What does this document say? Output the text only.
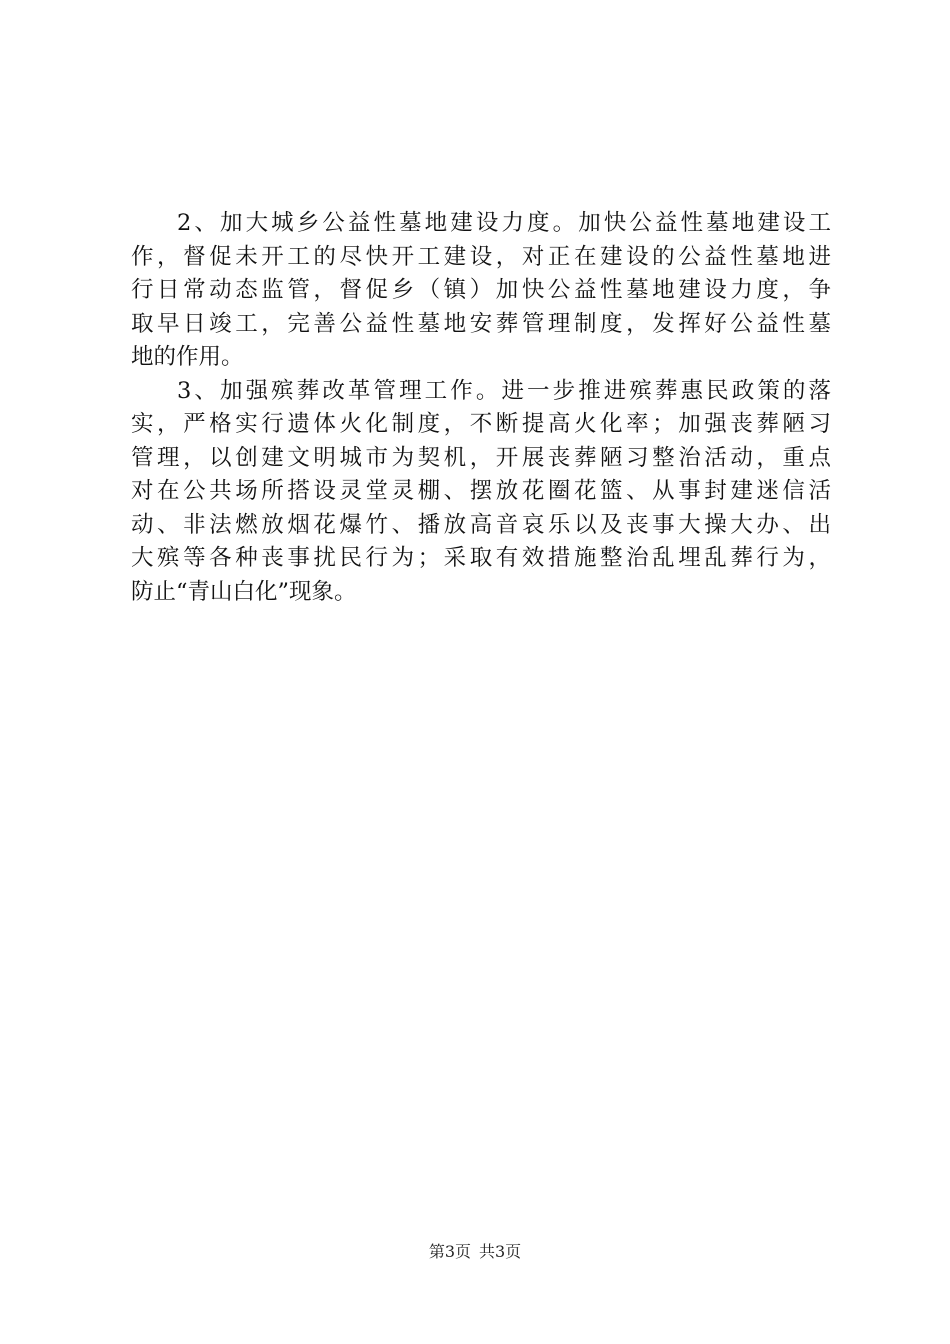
2、加大城乡公益性墓地建设力度。加快公益性墓地建设工
作，督促未开工的尽快开工建设，对正在建设的公益性墓地进
行日常动态监管，督促乡（镇）加快公益性墓地建设力度，争
取早日竣工，完善公益性墓地安葬管理制度，发挥好公益性墓
地的作用。
3、加强殡葬改革管理工作。进一步推进殡葬惠民政策的落
实，严格实行遗体火化制度，不断提高火化率；加强丧葬陋习
管理，以创建文明城市为契机，开展丧葬陋习整治活动，重点
对在公共场所搭设灵堂灵棚、摆放花圈花篮、从事封建迷信活
动、非法燃放烟花爆竹、播放高音哀乐以及丧事大操大办、出
大殡等各种丧事扰民行为；采取有效措施整治乱埋乱葬行为，
防止“青山白化”现象。
第3页 共3页
